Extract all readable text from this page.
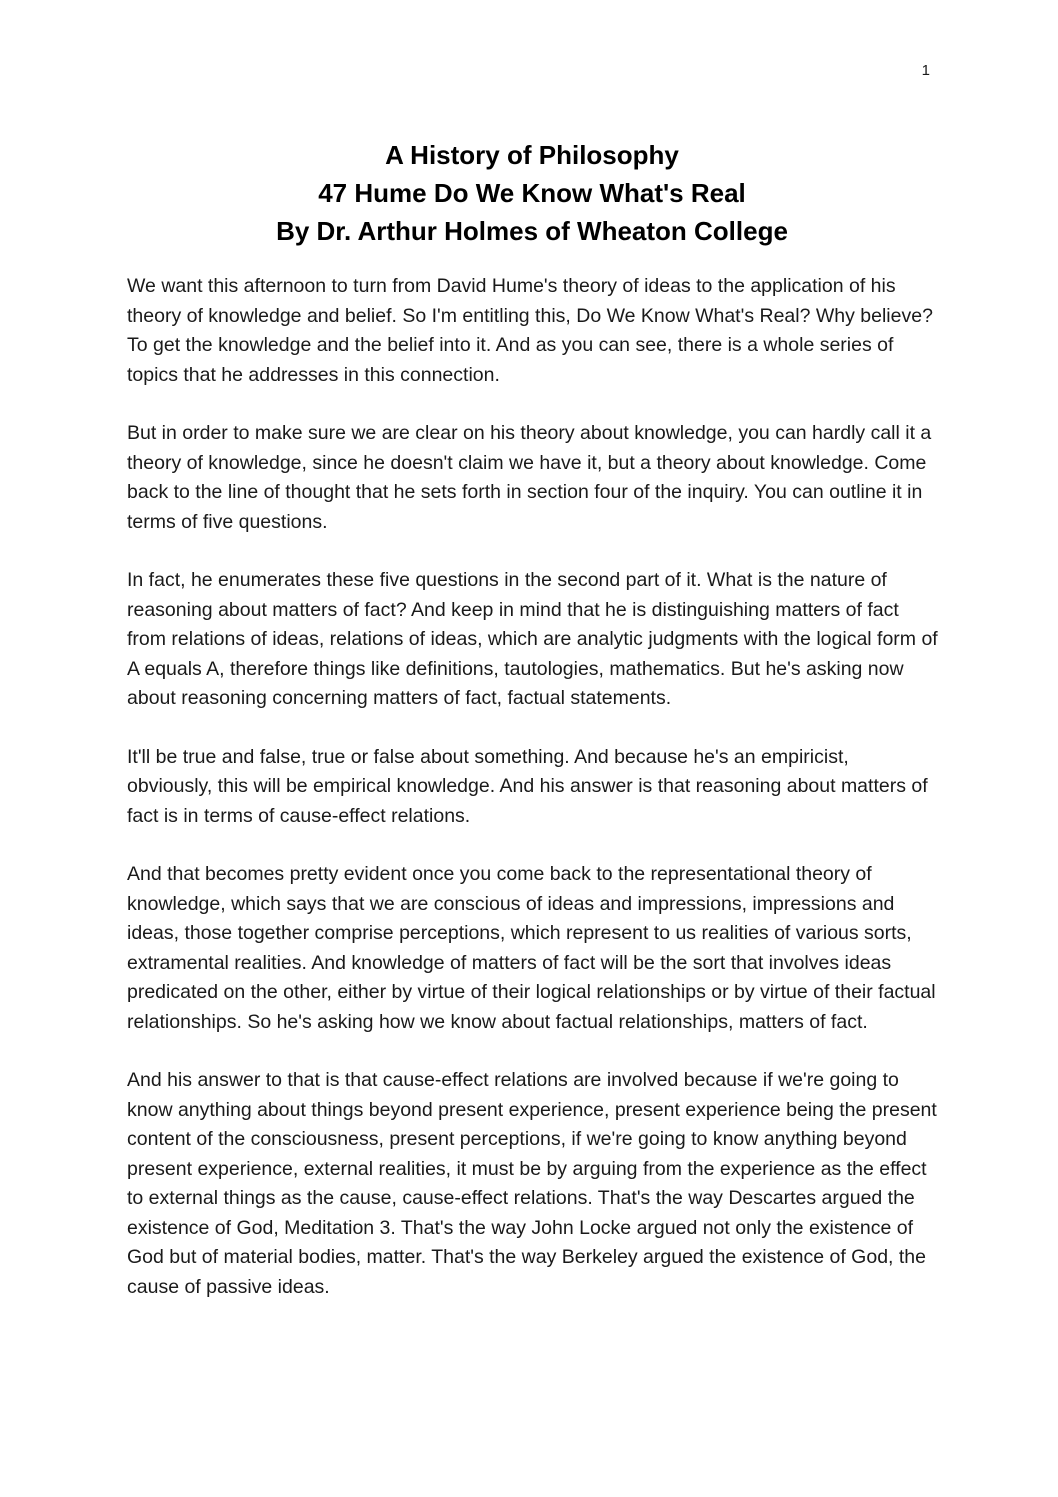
1
A History of Philosophy
47 Hume Do We Know What's Real
By Dr. Arthur Holmes of Wheaton College

We want this afternoon to turn from David Hume's theory of ideas to the application of his theory of knowledge and belief. So I'm entitling this, Do We Know What's Real? Why believe? To get the knowledge and the belief into it. And as you can see, there is a whole series of topics that he addresses in this connection.

But in order to make sure we are clear on his theory about knowledge, you can hardly call it a theory of knowledge, since he doesn't claim we have it, but a theory about knowledge. Come back to the line of thought that he sets forth in section four of the inquiry. You can outline it in terms of five questions.

In fact, he enumerates these five questions in the second part of it. What is the nature of reasoning about matters of fact? And keep in mind that he is distinguishing matters of fact from relations of ideas, relations of ideas, which are analytic judgments with the logical form of A equals A, therefore things like definitions, tautologies, mathematics. But he's asking now about reasoning concerning matters of fact, factual statements.

It'll be true and false, true or false about something. And because he's an empiricist, obviously, this will be empirical knowledge. And his answer is that reasoning about matters of fact is in terms of cause-effect relations.

And that becomes pretty evident once you come back to the representational theory of knowledge, which says that we are conscious of ideas and impressions, impressions and ideas, those together comprise perceptions, which represent to us realities of various sorts, extramental realities. And knowledge of matters of fact will be the sort that involves ideas predicated on the other, either by virtue of their logical relationships or by virtue of their factual relationships. So he's asking how we know about factual relationships, matters of fact.

And his answer to that is that cause-effect relations are involved because if we're going to know anything about things beyond present experience, present experience being the present content of the consciousness, present perceptions, if we're going to know anything beyond present experience, external realities, it must be by arguing from the experience as the effect to external things as the cause, cause-effect relations. That's the way Descartes argued the existence of God, Meditation 3. That's the way John Locke argued not only the existence of God but of material bodies, matter. That's the way Berkeley argued the existence of God, the cause of passive ideas.
